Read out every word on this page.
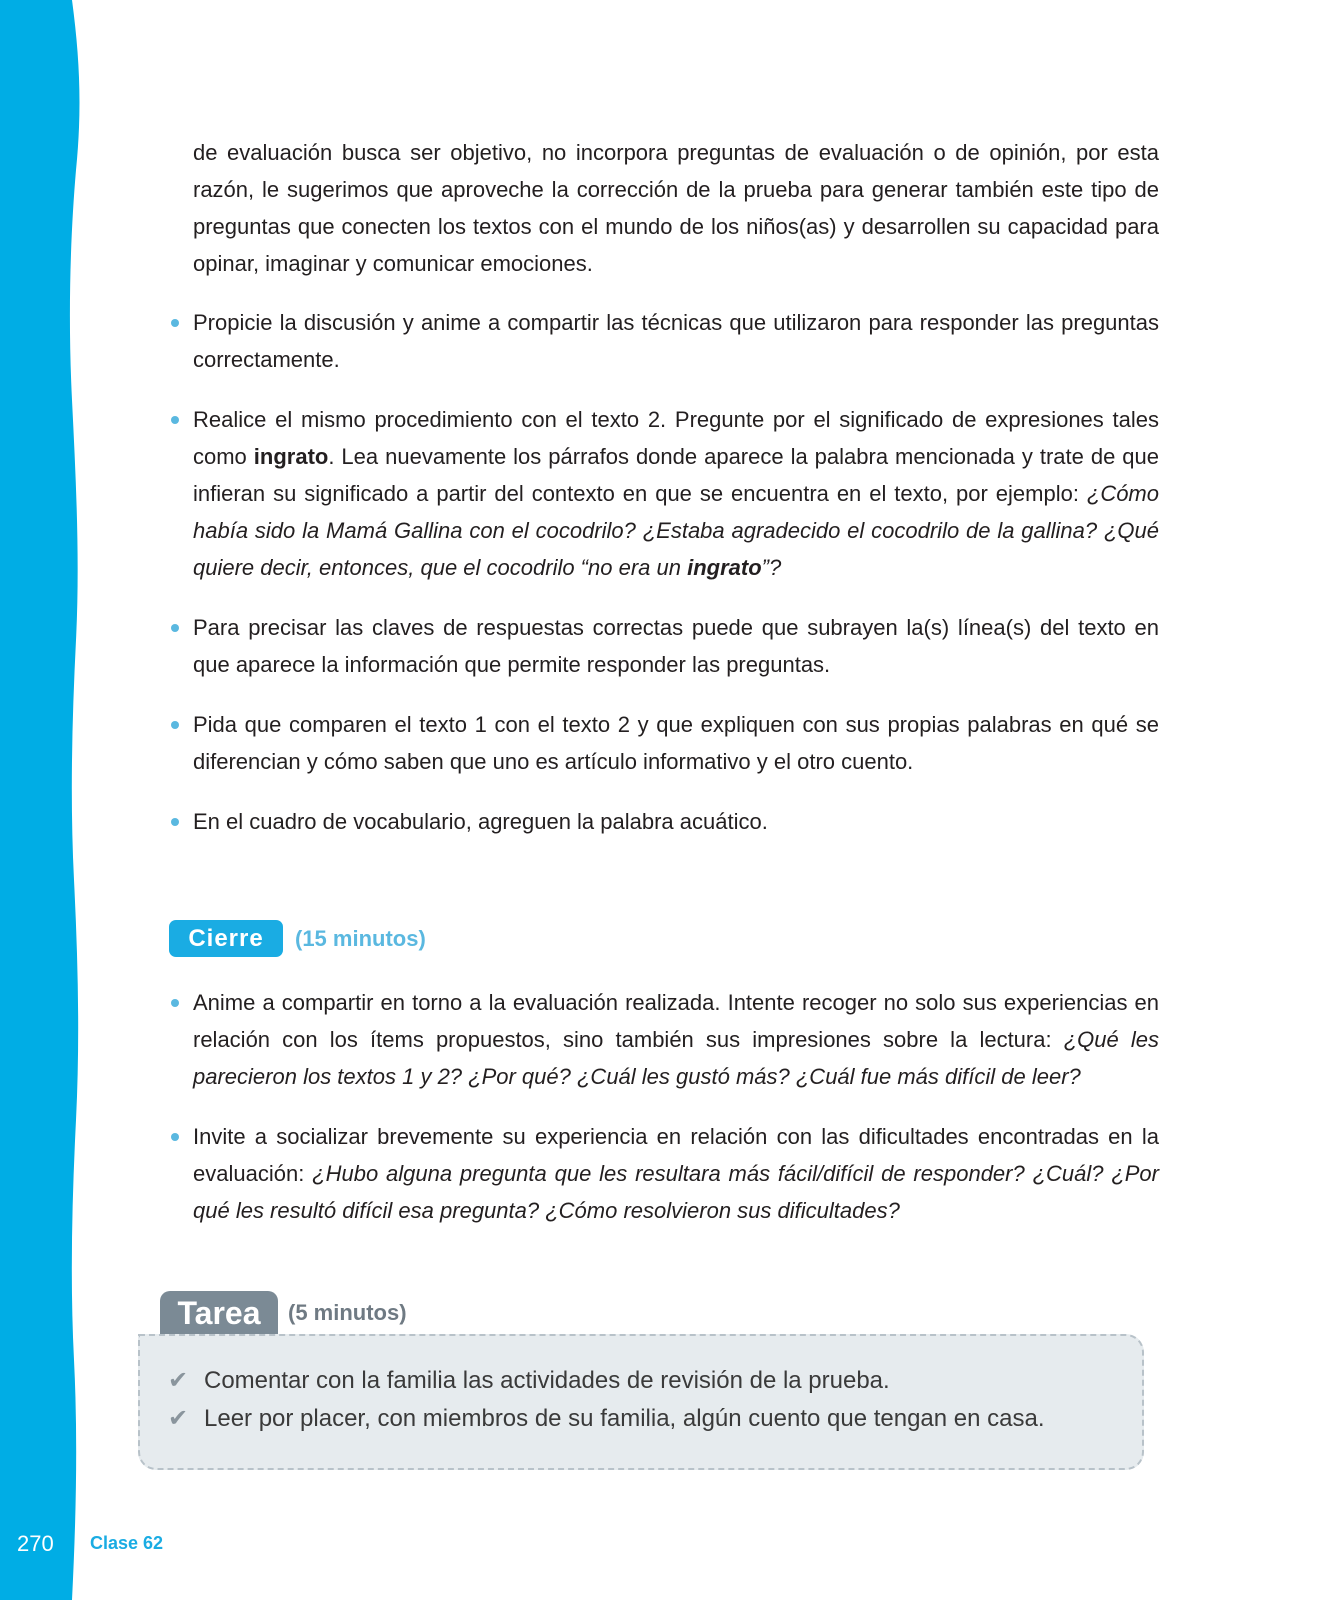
de evaluación busca ser objetivo, no incorpora preguntas de evaluación o de opinión, por esta razón, le sugerimos que aproveche la corrección de la prueba para generar también este tipo de preguntas que conecten los textos con el mundo de los niños(as) y desarrollen su capacidad para opinar, imaginar y comunicar emociones.

Propicie la discusión y anime a compartir las técnicas que utilizaron para responder las preguntas correctamente.
Realice el mismo procedimiento con el texto 2. Pregunte por el significado de expresiones tales como ingrato. Lea nuevamente los párrafos donde aparece la palabra mencionada y trate de que infieran su significado a partir del contexto en que se encuentra en el texto, por ejemplo: ¿Cómo había sido la Mamá Gallina con el cocodrilo? ¿Estaba agradecido el cocodrilo de la gallina? ¿Qué quiere decir, entonces, que el cocodrilo “no era un ingrato”?
Para precisar las claves de respuestas correctas puede que subrayen la(s) línea(s) del texto en que aparece la información que permite responder las preguntas.
Pida que comparen el texto 1 con el texto 2 y que expliquen con sus propias palabras en qué se diferencian y cómo saben que uno es artículo informativo y el otro cuento.
En el cuadro de vocabulario, agreguen la palabra acuático.
Cierre	(15 minutos)
Anime a compartir en torno a la evaluación realizada. Intente recoger no solo sus experiencias en relación con los ítems propuestos, sino también sus impresiones sobre la lectura: ¿Qué les parecieron los textos 1 y 2? ¿Por qué? ¿Cuál les gustó más? ¿Cuál fue más difícil de leer?
Invite a socializar brevemente su experiencia en relación con las dificultades encontradas en la evaluación: ¿Hubo alguna pregunta que les resultara más fácil/difícil de responder? ¿Cuál? ¿Por qué les resultó difícil esa pregunta? ¿Cómo resolvieron sus dificultades?
Tarea	(5 minutos)
✔ Comentar con la familia las actividades de revisión de la prueba.
✔ Leer por placer, con miembros de su familia, algún cuento que tengan en casa.
270 Clase 62
